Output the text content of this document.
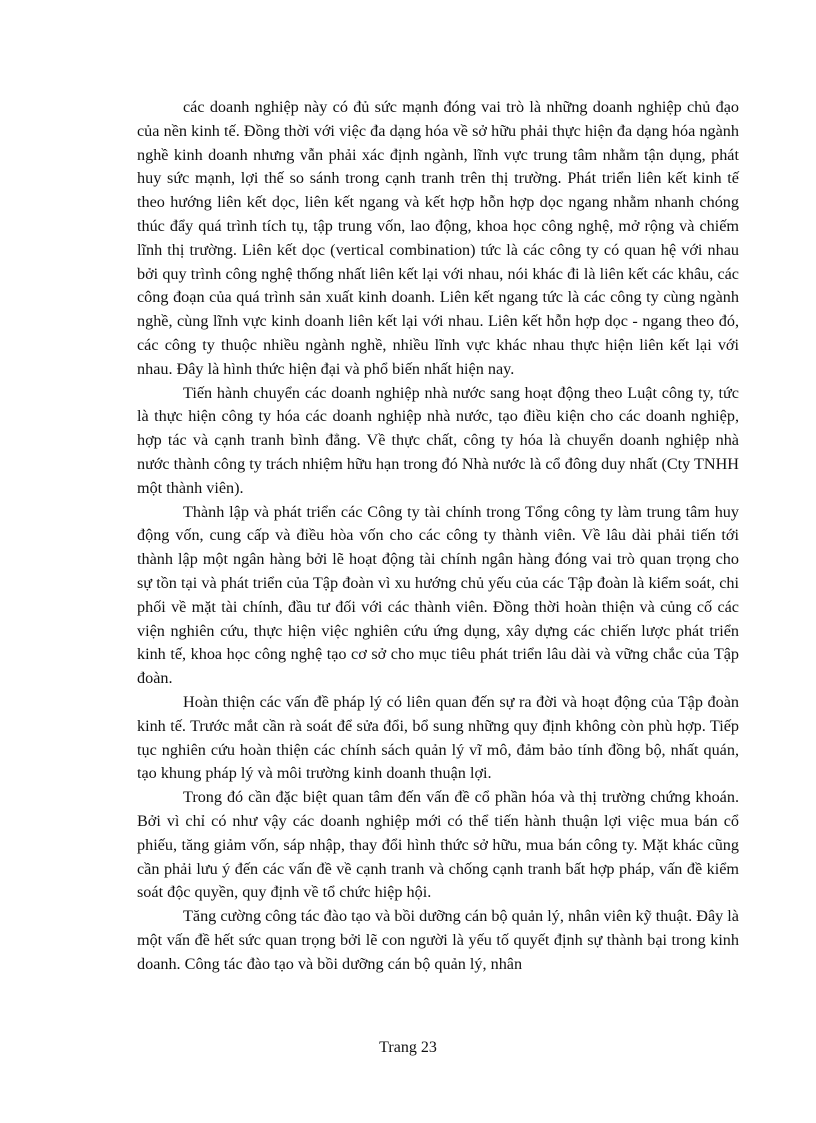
các doanh nghiệp này có đủ sức mạnh đóng vai trò là những doanh nghiệp chủ đạo của nền kinh tế. Đồng thời với việc đa dạng hóa về sở hữu phải thực hiện đa dạng hóa ngành nghề kinh doanh nhưng vẫn phải xác định ngành, lĩnh vực trung tâm nhằm tận dụng, phát huy sức mạnh, lợi thế so sánh trong cạnh tranh trên thị trường. Phát triển liên kết kinh tế theo hướng liên kết dọc, liên kết ngang và kết hợp hỗn hợp dọc ngang nhằm nhanh chóng thúc đẩy quá trình tích tụ, tập trung vốn, lao động, khoa học công nghệ, mở rộng và chiếm lĩnh thị trường. Liên kết dọc (vertical combination) tức là các công ty có quan hệ với nhau bởi quy trình công nghệ thống nhất liên kết lại với nhau, nói khác đi là liên kết các khâu, các công đoạn của quá trình sản xuất kinh doanh. Liên kết ngang tức là các công ty cùng ngành nghề, cùng lĩnh vực kinh doanh liên kết lại với nhau. Liên kết hỗn hợp dọc - ngang theo đó, các công ty thuộc nhiều ngành nghề, nhiều lĩnh vực khác nhau thực hiện liên kết lại với nhau. Đây là hình thức hiện đại và phổ biến nhất hiện nay.

Tiến hành chuyển các doanh nghiệp nhà nước sang hoạt động theo Luật công ty, tức là thực hiện công ty hóa các doanh nghiệp nhà nước, tạo điều kiện cho các doanh nghiệp, hợp tác và cạnh tranh bình đẳng. Về thực chất, công ty hóa là chuyển doanh nghiệp nhà nước thành công ty trách nhiệm hữu hạn trong đó Nhà nước là cổ đông duy nhất (Cty TNHH một thành viên).

Thành lập và phát triển các Công ty tài chính trong Tổng công ty làm trung tâm huy động vốn, cung cấp và điều hòa vốn cho các công ty thành viên. Về lâu dài phải tiến tới thành lập một ngân hàng bởi lẽ hoạt động tài chính ngân hàng đóng vai trò quan trọng cho sự tồn tại và phát triển của Tập đoàn vì xu hướng chủ yếu của các Tập đoàn là kiểm soát, chi phối về mặt tài chính, đầu tư đối với các thành viên. Đồng thời hoàn thiện và củng cố các viện nghiên cứu, thực hiện việc nghiên cứu ứng dụng, xây dựng các chiến lược phát triển kinh tế, khoa học công nghệ tạo cơ sở cho mục tiêu phát triển lâu dài và vững chắc của Tập đoàn.

Hoàn thiện các vấn đề pháp lý có liên quan đến sự ra đời và hoạt động của Tập đoàn kinh tế. Trước mắt cần rà soát để sửa đổi, bổ sung những quy định không còn phù hợp. Tiếp tục nghiên cứu hoàn thiện các chính sách quản lý vĩ mô, đảm bảo tính đồng bộ, nhất quán, tạo khung pháp lý và môi trường kinh doanh thuận lợi.

Trong đó cần đặc biệt quan tâm đến vấn đề cổ phần hóa và thị trường chứng khoán. Bởi vì chỉ có như vậy các doanh nghiệp mới có thể tiến hành thuận lợi việc mua bán cổ phiếu, tăng giảm vốn, sáp nhập, thay đổi hình thức sở hữu, mua bán công ty. Mặt khác cũng cần phải lưu ý đến các vấn đề về cạnh tranh và chống cạnh tranh bất hợp pháp, vấn đề kiểm soát độc quyền, quy định về tổ chức hiệp hội.

Tăng cường công tác đào tạo và bồi dưỡng cán bộ quản lý, nhân viên kỹ thuật. Đây là một vấn đề hết sức quan trọng bởi lẽ con người là yếu tố quyết định sự thành bại trong kinh doanh. Công tác đào tạo và bồi dưỡng cán bộ quản lý, nhân

Trang 23
